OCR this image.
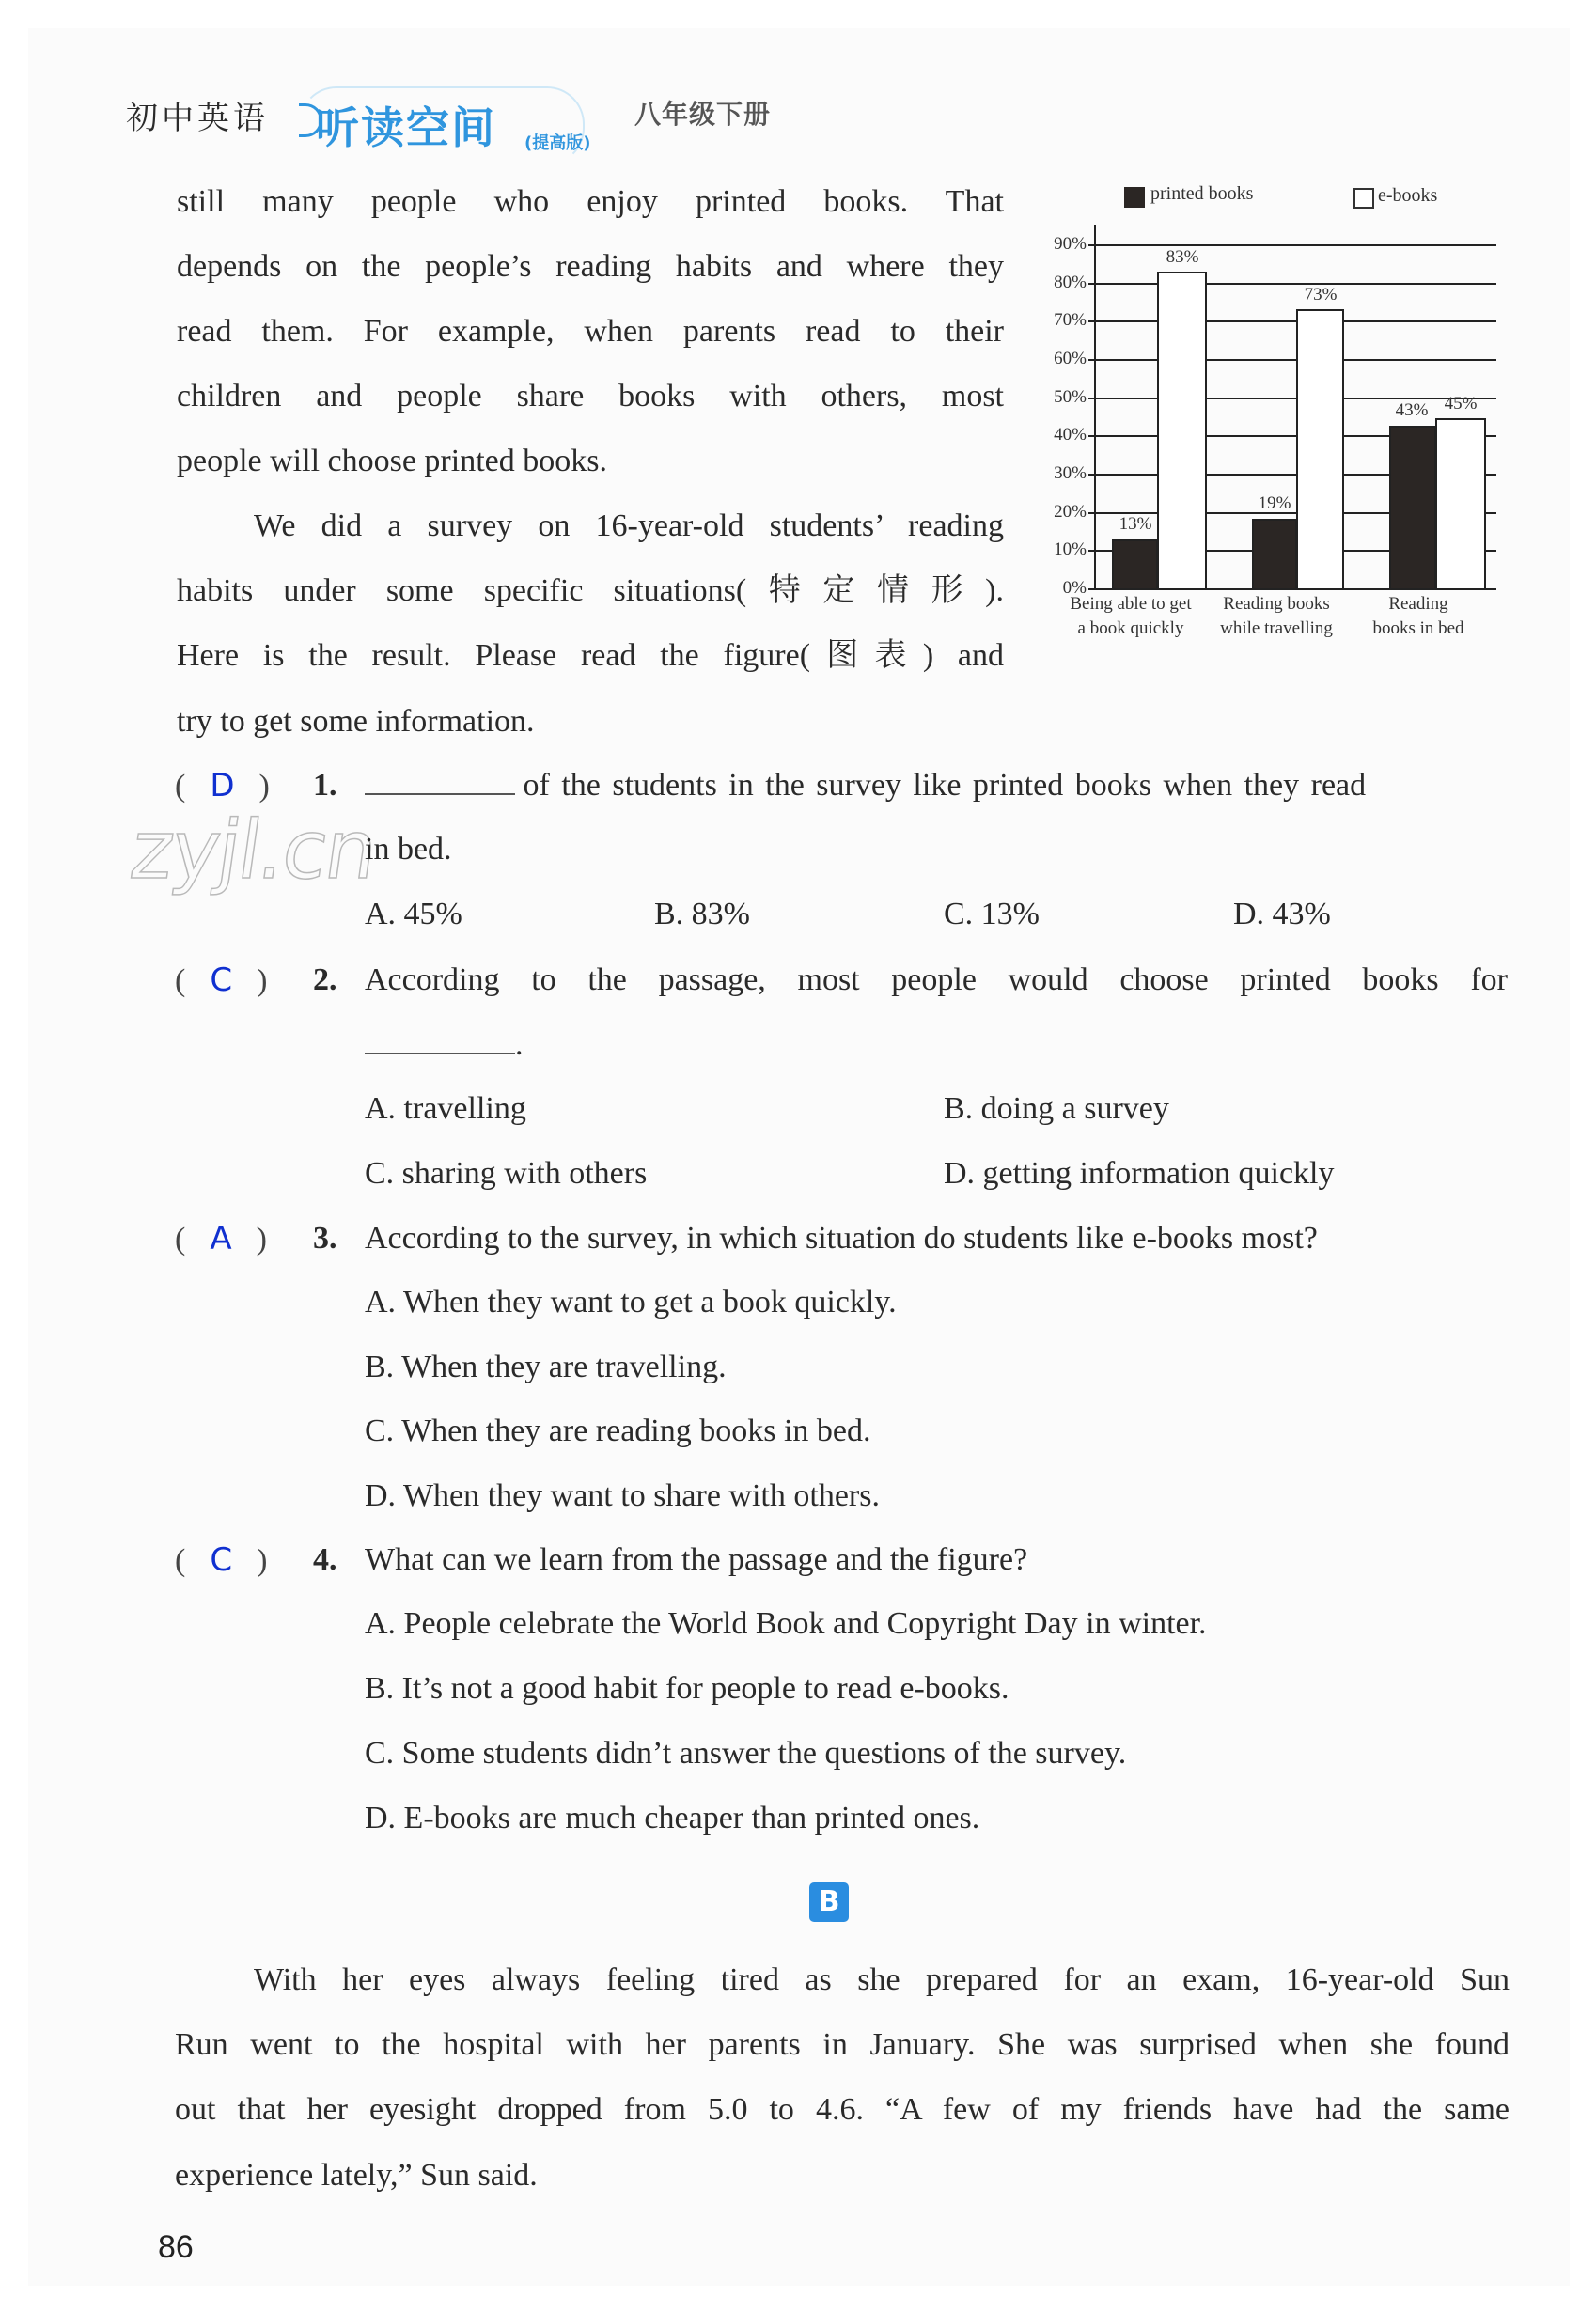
初中英语 听读空间 (提高版)
八年级下册
still many people who enjoy printed books. That
depends on the people’s reading habits and where they
read them. For example, when parents read to their
children and people share books with others, most
people will choose printed books.
We did a survey on 16-year-old students’ reading
habits under some specific situations(特定情形).
Here is the result. Please read the figure(图表) and
try to get some information.
printed books	e-books
0%
10%
20%
30%
40%
50%
60%
70%
80%
90%
13%
83%
19%
73%
43% 45%
Being able to get
a book quickly
Reading books
while travelling
Reading
books in bed
zyjl.cn
( D ) 1.	of the students in the survey like printed books when they read
in bed.
A. 45%	B. 83%	C. 13%	D. 43%
( C ) 2. According to the passage, most people would choose printed books for
.
A. travelling	B. doing a survey
C. sharing with others	D. getting information quickly
( A ) 3. According to the survey, in which situation do students like e-books most?
A. When they want to get a book quickly.
B. When they are travelling.
C. When they are reading books in bed.
D. When they want to share with others.
( C ) 4. What can we learn from the passage and the figure?
A. People celebrate the World Book and Copyright Day in winter.
B. It’s not a good habit for people to read e-books.
C. Some students didn’t answer the questions of the survey.
D. E-books are much cheaper than printed ones.
B
With her eyes always feeling tired as she prepared for an exam, 16-year-old Sun
Run went to the hospital with her parents in January. She was surprised when she found
out that her eyesight dropped from 5.0 to 4.6. “A few of my friends have had the same
experience lately,” Sun said.
86
